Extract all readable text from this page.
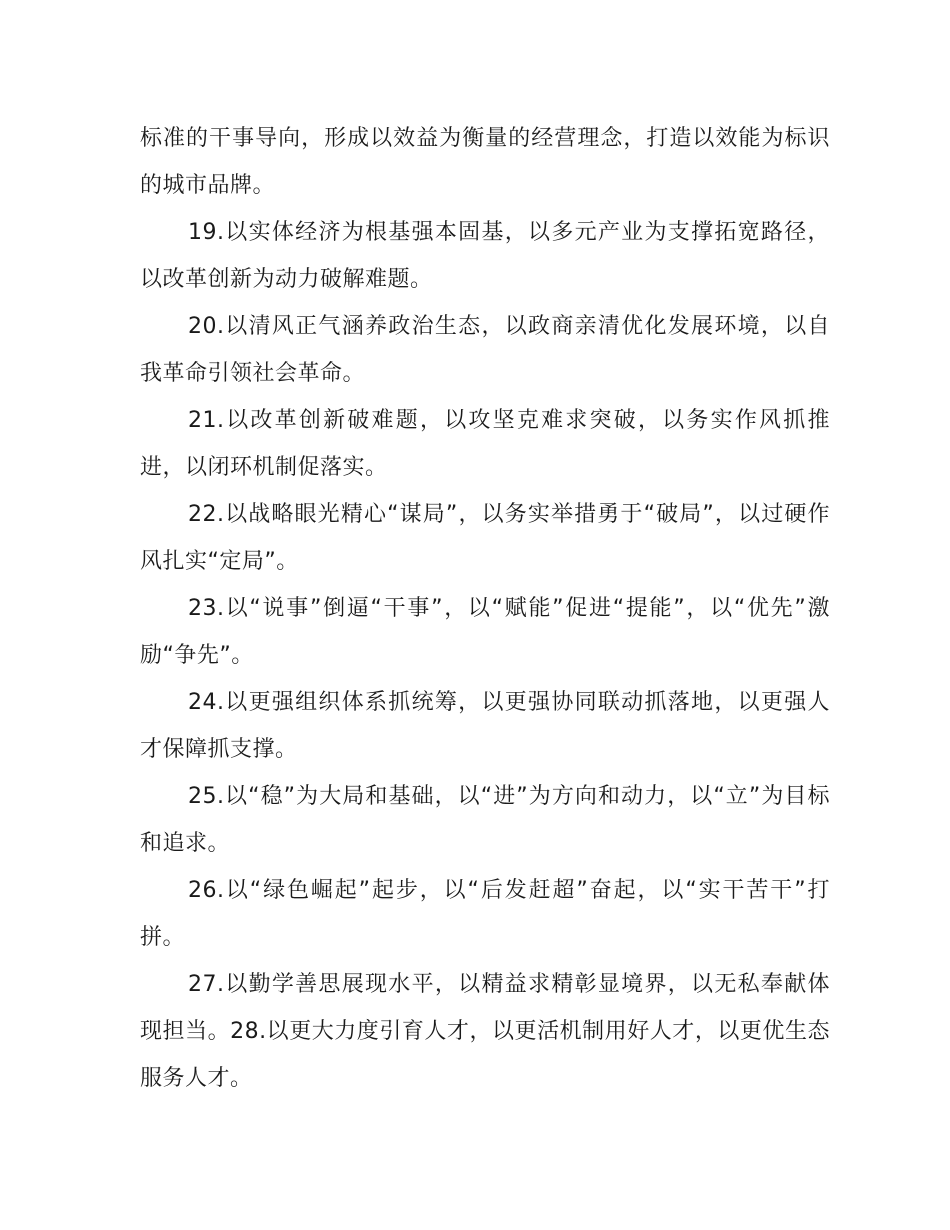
标准的干事导向，形成以效益为衡量的经营理念，打造以效能为标识的城市品牌。

19.以实体经济为根基强本固基，以多元产业为支撑拓宽路径，以改革创新为动力破解难题。

20.以清风正气涵养政治生态，以政商亲清优化发展环境，以自我革命引领社会革命。

21.以改革创新破难题，以攻坚克难求突破，以务实作风抓推进，以闭环机制促落实。

22.以战略眼光精心“谋局”，以务实举措勇于“破局”，以过硬作风扎实“定局”。

23.以“说事”倒逼“干事”，以“赋能”促进“提能”，以“优先”激励“争先”。

24.以更强组织体系抓统筹，以更强协同联动抓落地，以更强人才保障抓支撑。

25.以“稳”为大局和基础，以“进”为方向和动力，以“立”为目标和追求。

26.以“绿色崛起”起步，以“后发赶超”奋起，以“实干苦干”打拼。

27.以勤学善思展现水平，以精益求精彰显境界，以无私奉献体现担当。28.以更大力度引育人才，以更活机制用好人才，以更优生态服务人才。
